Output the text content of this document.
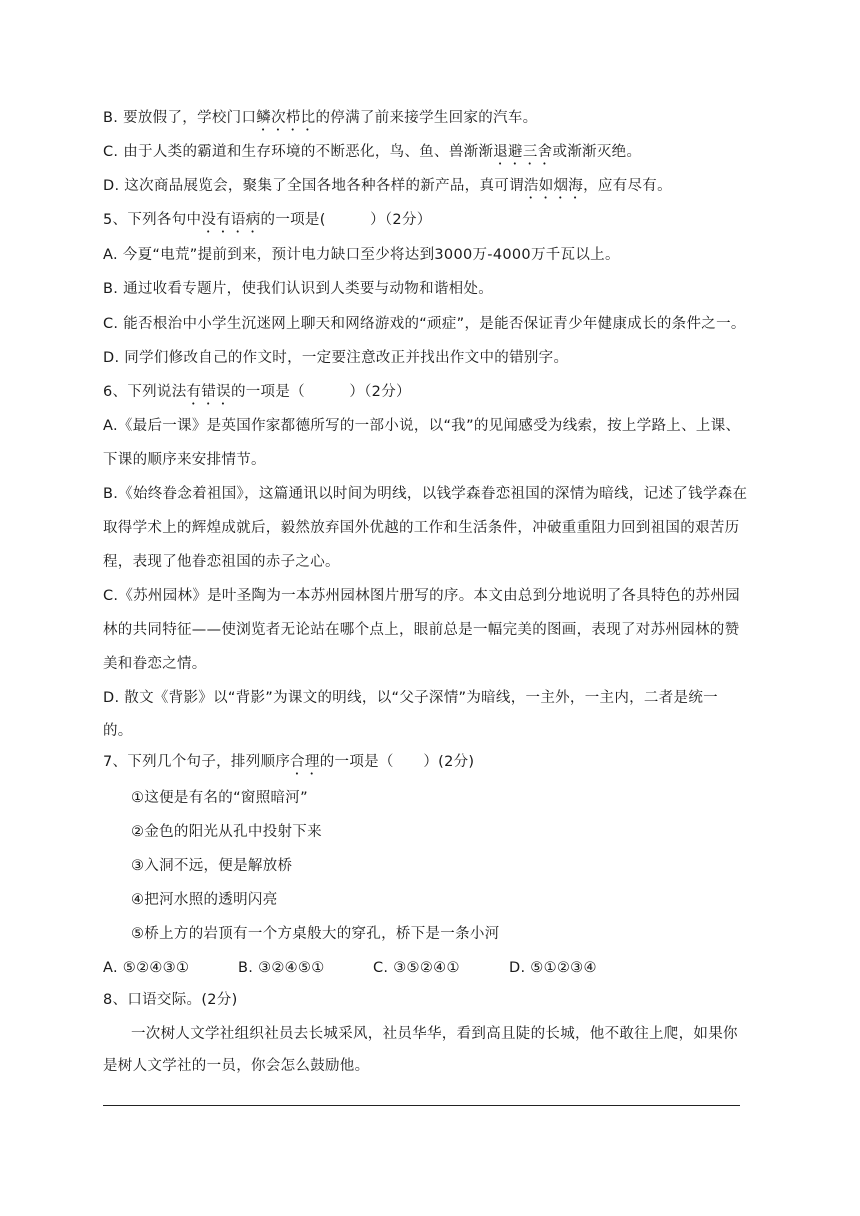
B. 要放假了，学校门口鳞次栉比的停满了前来接学生回家的汽车。
C. 由于人类的霸道和生存环境的不断恶化，鸟、鱼、兽渐渐退避三舍或渐渐灭绝。
D. 这次商品展览会，聚集了全国各地各种各样的新产品，真可谓浩如烟海，应有尽有。
5、下列各句中没有语病的一项是(　　　）（2分）
A. 今夏“电荒”提前到来，预计电力缺口至少将达到3000万-4000万千瓦以上。
B. 通过收看专题片，使我们认识到人类要与动物和谐相处。
C. 能否根治中小学生沉迷网上聊天和网络游戏的“顽症”，是能否保证青少年健康成长的条件之一。
D. 同学们修改自己的作文时，一定要注意改正并找出作文中的错别字。
6、下列说法有错误的一项是（　　　）（2分）
A.《最后一课》是英国作家都德所写的一部小说，以“我”的见闻感受为线索，按上学路上、上课、
下课的顺序来安排情节。
B.《始终眷念着祖国》，这篇通讯以时间为明线，以钱学森眷恋祖国的深情为暗线，记述了钱学森在
取得学术上的辉煌成就后，毅然放弃国外优越的工作和生活条件，冲破重重阻力回到祖国的艰苦历
程，表现了他眷恋祖国的赤子之心。
C.《苏州园林》是叶圣陶为一本苏州园林图片册写的序。本文由总到分地说明了各具特色的苏州园
林的共同特征——使浏览者无论站在哪个点上，眼前总是一幅完美的图画，表现了对苏州园林的赞
美和眷恋之情。
D. 散文《背影》以“背影”为课文的明线，以“父子深情”为暗线，一主外，一主内，二者是统一
的。
7、下列几个句子，排列顺序合理的一项是（　　）(2分)
①这便是有名的“窗照暗河”
②金色的阳光从孔中投射下来
③入洞不远，便是解放桥
④把河水照的透明闪亮
⑤桥上方的岩顶有一个方桌般大的穿孔，桥下是一条小河
A. ⑤②④③①	B. ③②④⑤①	C. ③⑤②④①	D. ⑤①②③④
8、口语交际。(2分)
一次树人文学社组织社员去长城采风，社员华华，看到高且陡的长城，他不敢往上爬，如果你
是树人文学社的一员，你会怎么鼓励他。
